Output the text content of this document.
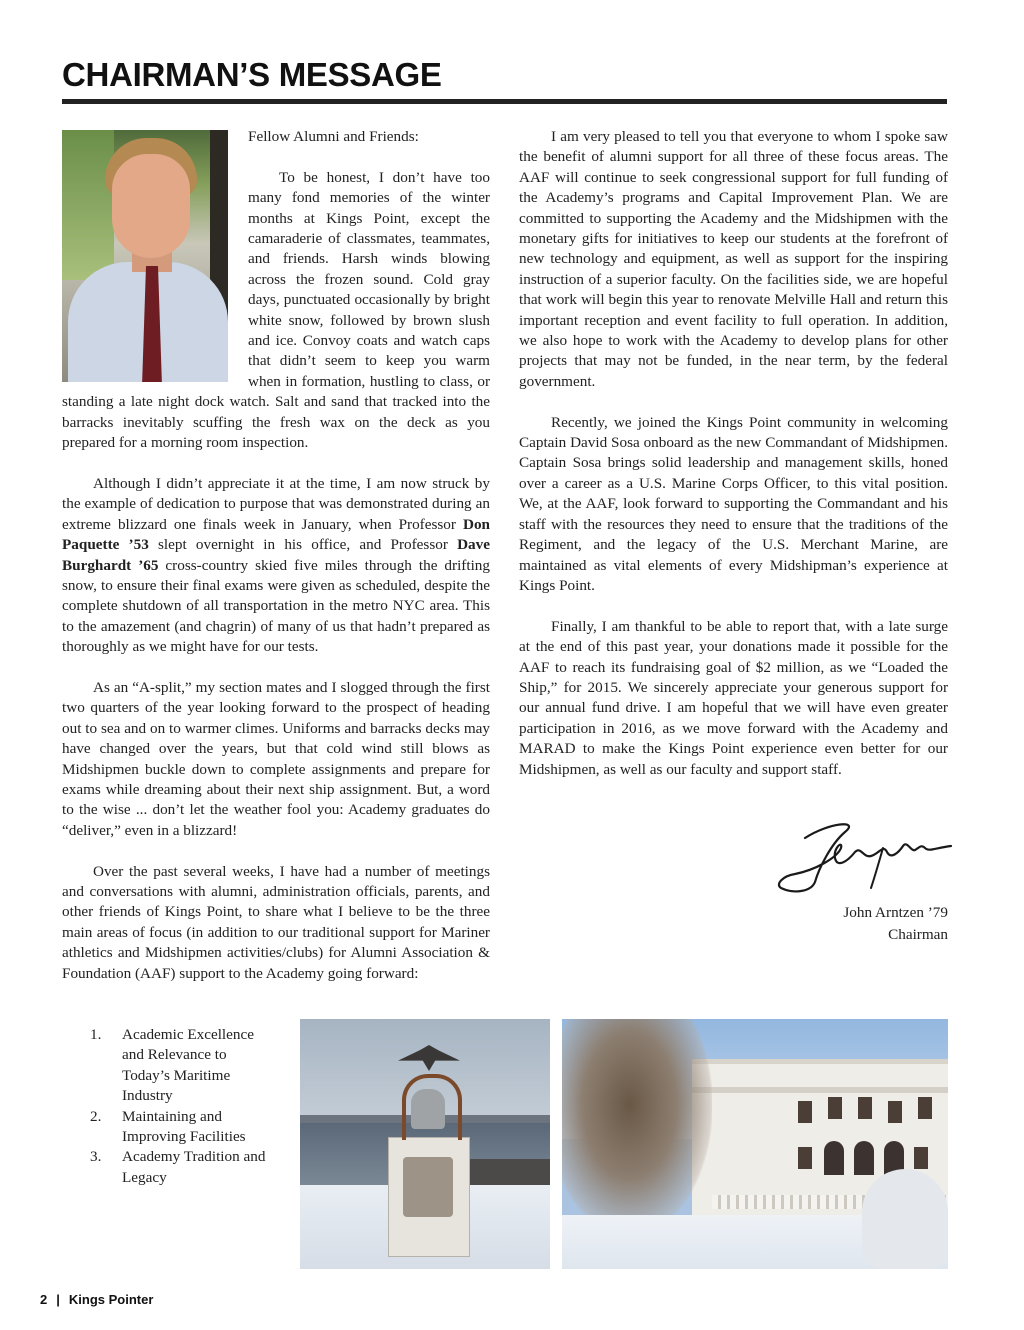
CHAIRMAN’S MESSAGE

Fellow Alumni and Friends:

To be honest, I don’t have too many fond memories of the winter months at Kings Point, except the camaraderie of classmates, teammates, and friends. Harsh winds blowing across the frozen sound. Cold gray days, punctuated occasionally by bright white snow, followed by brown slush and ice. Convoy coats and watch caps that didn’t seem to keep you warm when in formation, hustling to class, or standing a late night dock watch. Salt and sand that tracked into the barracks inevitably scuffing the fresh wax on the deck as you prepared for a morning room inspection.

Although I didn’t appreciate it at the time, I am now struck by the example of dedication to purpose that was demonstrated during an extreme blizzard one finals week in January, when Professor Don Paquette ’53 slept overnight in his office, and Professor Dave Burghardt ’65 cross-country skied five miles through the drifting snow, to ensure their final exams were given as scheduled, despite the complete shutdown of all transportation in the metro NYC area. This to the amazement (and chagrin) of many of us that hadn’t prepared as thoroughly as we might have for our tests.

As an “A-split,” my section mates and I slogged through the first two quarters of the year looking forward to the prospect of heading out to sea and on to warmer climes. Uniforms and barracks decks may have changed over the years, but that cold wind still blows as Midshipmen buckle down to complete assignments and prepare for exams while dreaming about their next ship assignment. But, a word to the wise ... don’t let the weather fool you: Academy graduates do “deliver,” even in a blizzard!

Over the past several weeks, I have had a number of meetings and conversations with alumni, administration officials, parents, and other friends of Kings Point, to share what I believe to be the three main areas of focus (in addition to our traditional support for Mariner athletics and Midshipmen activities/clubs) for Alumni Association & Foundation (AAF) support to the Academy going forward:

I am very pleased to tell you that everyone to whom I spoke saw the benefit of alumni support for all three of these focus areas. The AAF will continue to seek congressional support for full funding of the Academy’s programs and Capital Improvement Plan. We are committed to supporting the Academy and the Midshipmen with the monetary gifts for initiatives to keep our students at the forefront of new technology and equipment, as well as support for the inspiring instruction of a superior faculty. On the facilities side, we are hopeful that work will begin this year to renovate Melville Hall and return this important reception and event facility to full operation. In addition, we also hope to work with the Academy to develop plans for other projects that may not be funded, in the near term, by the federal government.

Recently, we joined the Kings Point community in welcoming Captain David Sosa onboard as the new Commandant of Midshipmen. Captain Sosa brings solid leadership and management skills, honed over a career as a U.S. Marine Corps Officer, to this vital position. We, at the AAF, look forward to supporting the Commandant and his staff with the resources they need to ensure that the traditions of the Regiment, and the legacy of the U.S. Merchant Marine, are maintained as vital elements of every Midshipman’s experience at Kings Point.

Finally, I am thankful to be able to report that, with a late surge at the end of this past year, your donations made it possible for the AAF to reach its fundraising goal of $2 million, as we “Loaded the Ship,” for 2015. We sincerely appreciate your generous support for our annual fund drive. I am hopeful that we will have even greater participation in 2016, as we move forward with the Academy and MARAD to make the Kings Point experience even better for our Midshipmen, as well as our faculty and support staff.

1.	Academic Excellence and Relevance to Today’s Maritime Industry
2.	Maintaining and Improving Facilities
3.	Academy Tradition and Legacy
John Arntzen ’79
Chairman
2 | Kings Pointer
